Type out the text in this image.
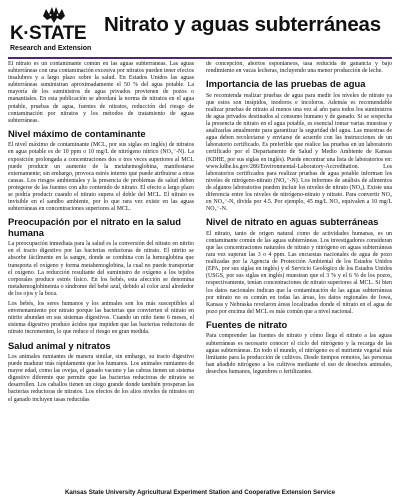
K·STATE
Research and Extension
Nitrato y aguas subterráneas

El nitrato es un contaminante común en las aguas subterráneas. Las aguas subterráneas con una contaminación excesiva por nitratos pueden tener efectos insalubres y a largo plazo sobre la salud. En Estados Unidos las aguas subterráneas suministran aproximadamente el 50 % del agua potable. La mayoría de los suministros de agua privados provienen de pozos o manantiales. En esta publicación se abordará la norma de nitratos en el agua potable, pruebas de agua, fuentes de nitratos, reducción del riesgo de contaminación por nitratos y los métodos de tratamiento de aguas subterráneas.

Nivel máximo de contaminante

El nivel máximo de contaminante (MCL, por sus siglas en inglés) de nitratos en agua potable es de 10 ppm o 10 mg/L de nitrógeno nítrico (NO₃⁻-N). La exposición prolongada a concentraciones dos o tres veces superiores al MCL puede producir un aumento de la metahemoglobina, manifestarse externamente; sin embargo, provoca estrés interno que puede atribuirse a otras causas. Los riesgos ambientales y la presencia de problemas de salud deben protegerse de las fuentes con alto contenido de nitrato. El efecto a largo plazo se podría producir cuando el nitrato supera el doble del MCL. El nitrato es invisible en el sandbo ambiente, por lo que rara vez existe en las aguas subterráneas en concentraciones superiores al MCL.

Preocupación por el nitrato en la salud humana

La preocupación inmediata para la salud es la conversión del nitrato en nitrito en el tracto digestivo por las bacterias reductoras de nitrato. El nitrito se absorbe fácilmente en la sangre, donde se combina con la hemoglobina que transporta el oxígeno y forma metahemoglobina, la cual no puede transportar el oxígeno. La reducción resultante del suministro de oxígeno a los tejidos corporales produce estrés físico. En los bebés, esta afección se denomina metahemoglobinemia o síndrome del bebé azul, debido al color azul alrededor de los ojos y la boca.

Los bebés, los seres humanos y los animales son los más susceptibles al envenenamiento por nitrato porque las bacterias que convierten el nitrato en nitrito abundan en sus sistemas digestivos. Cuando un niño tiene 6 meses, el sistema digestivo produce ácidos que impiden que las bacterias reductoras de nitrato incrementen, lo que reduce el riesgo en gran medida.

Salud animal y nitratos

Los animales rumiantes de manera similar, sin embargo, su tracto digestivo puede madurar más rápidamente que los humanos. Los animales rumiantes de mayor edad, como las ovejas, el ganado vacuno y las cabras tienen un sistema digestivo diferente que permite que las bacterias reductoras de nitratos se desarrollen. Los caballos tienen un ciego grande donde también prosperan las bacterias reductoras de nitratos. Los efectos de los altos niveles de nitratos en el ganado incluyen tasas reducidas

de concepción, abortos espontáneos, tasa reducida de ganancia y bajo rendimiento en vacas lecheras, incluyendo una menor producción de leche.

Importancia de las pruebas de agua

Se recomienda realizar pruebas de agua para medir los niveles de nitrato ya que estos son insípidos, inodoros e incoloros. Además es recomendable realizar pruebas de nitrato al menos una vez al año para todos los suministros de agua privados destinados al consumo humano y de ganado. Si se sospecha la presencia de nitrato en el agua potable, es esencial tomar varias muestras y analizarlas anualmente para garantizar la seguridad del agua. Las muestras de agua deben recolectarse y enviarse de acuerdo con las instrucciones de un laboratorio certificado. Es preferible que realice las pruebas en un laboratorio certificado por el Departamento de Salud y Medio Ambiente de Kansas (KDHE, por sus siglas en inglés). Puede encontrar una lista de laboratorios en: www.kdhe.ks.gov/286/Environmental-Laboratory-Accreditation. Los laboratorios certificados para realizar pruebas de agua potable informan los niveles de nitrógeno-nitrato (NO₃⁻-N). Los informes de análisis de alimentos de algunos laboratorios pueden incluir los niveles de nitrato (NO₃). Existe una diferencia entre los niveles de nitrógeno-nitrato y nitrato. Para convertir NO₃ en NO₃⁻-N, divida por 4.5. Por ejemplo, 45 mg/L NO₃ equivalen a 10 mg/L NO₃⁻-N.

Nivel de nitrato en aguas subterráneas

El nitrato, tanto de origen natural como de actividades humanas, es un contaminante común de las aguas subterráneas. Los investigadores consideran que las concentraciones naturales de nitrato y nitrógeno en aguas subterráneas rara vez superan las 3 o 4 ppm. Las encuestas nacionales de agua de pozo realizadas por la Agencia de Protección Ambiental de los Estados Unidos (EPA, por sus siglas en inglés) y el Servicio Geológico de los Estados Unidos (USGS, por sus siglas en inglés) muestran que el 3 % y el 6 % de los pozos, respectivamente, tenían concentraciones de nitrato superiores al MCL. Si bien los datos nacionales indican que la contaminación de las aguas subterráneas por nitrato no es común en todas las áreas, los datos regionales de Iowa, Kansas y Nebraska revelaron áreas localizadas donde el nitrato en el agua de pozo por encima del MCL es más común que a nivel nacional.

Fuentes de nitrato

Para comprender las fuentes de nitrato y cómo llega el nitrato a las aguas subterráneas es necesario conocer el ciclo del nitrógeno y la recarga de las aguas subterráneas. En todo el mundo, el nitrógeno es el nutriente vegetal más limitante para la producción de cultivos. Desde tiempos remotos, las personas han añadido nitrógeno a los cultivos mediante el uso de desechos animales, desechos humanos, legumbres o fertilizantes.

Kansas State University Agricultural Experiment Station and Cooperative Extension Service
